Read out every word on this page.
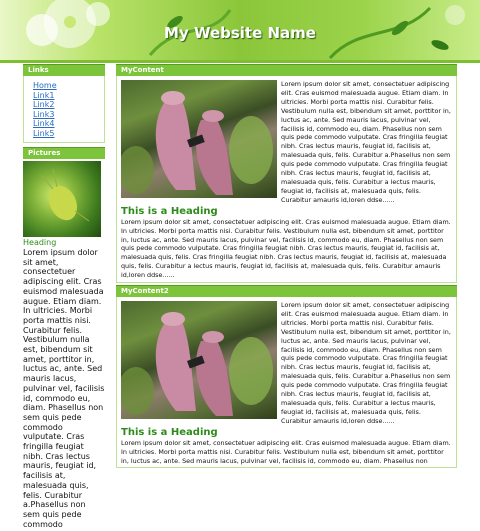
My Website Name
Links
Home
Link1
Link2
Link3
Link4
Link5
Pictures
Heading
Lorem ipsum dolor sit amet, consectetuer adipiscing elit. Cras euismod malesuada augue. Etiam diam. In ultricies. Morbi porta mattis nisi. Curabitur felis. Vestibulum nulla est, bibendum sit amet, porttitor in, luctus ac, ante. Sed mauris lacus, pulvinar vel, facilisis id, commodo eu, diam. Phasellus non sem quis pede commodo vulputate. Cras fringilla feugiat nibh. Cras lectus mauris, feugiat id, facilisis at, malesuada quis, felis. Curabitur a.Phasellus non sem quis pede commodo
MyContent
Lorem ipsum dolor sit amet, consectetuer adipiscing elit. Cras euismod malesuada augue. Etiam diam. In ultricies. Morbi porta mattis nisi. Curabitur felis. Vestibulum nulla est, bibendum sit amet, porttitor in, luctus ac, ante. Sed mauris lacus, pulvinar vel, facilisis id, commodo eu, diam. Phasellus non sem quis pede commodo vulputate. Cras fringilla feugiat nibh. Cras lectus mauris, feugiat id, facilisis at, malesuada quis, felis. Curabitur a.Phasellus non sem quis pede commodo vulputate. Cras fringilla feugiat nibh. Cras lectus mauris, feugiat id, facilisis at, malesuada quis, felis. Curabitur a lectus mauris, feugiat id, facilisis at, malesuada quis, felis. Curabitur amauris id,loren ddse......
This is a Heading
Lorem ipsum dolor sit amet, consectetuer adipiscing elit. Cras euismod malesuada augue. Etiam diam. In ultricies. Morbi porta mattis nisi. Curabitur felis. Vestibulum nulla est, bibendum sit amet, porttitor in, luctus ac, ante. Sed mauris lacus, pulvinar vel, facilisis id, commodo eu, diam. Phasellus non sem quis pede commodo vulputate. Cras fringilla feugiat nibh. Cras lectus mauris, feugiat id, facilisis at, malesuada quis, felis. Cras fringilla feugiat nibh. Cras lectus mauris, feugiat id, facilisis at, malesuada quis, felis. Curabitur a lectus mauris, feugiat id, facilisis at, malesuada quis, felis. Curabitur amauris id,loren ddse......
MyContent2
Lorem ipsum dolor sit amet, consectetuer adipiscing elit. Cras euismod malesuada augue. Etiam diam. In ultricies. Morbi porta mattis nisi. Curabitur felis. Vestibulum nulla est, bibendum sit amet, porttitor in, luctus ac, ante. Sed mauris lacus, pulvinar vel, facilisis id, commodo eu, diam. Phasellus non sem quis pede commodo vulputate. Cras fringilla feugiat nibh. Cras lectus mauris, feugiat id, facilisis at, malesuada quis, felis. Curabitur a.Phasellus non sem quis pede commodo vulputate. Cras fringilla feugiat nibh. Cras lectus mauris, feugiat id, facilisis at, malesuada quis, felis. Curabitur a lectus mauris, feugiat id, facilisis at, malesuada quis, felis. Curabitur amauris id,loren ddse......
This is a Heading
Lorem ipsum dolor sit amet, consectetuer adipiscing elit. Cras euismod malesuada augue. Etiam diam. In ultricies. Morbi porta mattis nisi. Curabitur felis. Vestibulum nulla est, bibendum sit amet, porttitor in, luctus ac, ante. Sed mauris lacus, pulvinar vel, facilisis id, commodo eu, diam. Phasellus non
